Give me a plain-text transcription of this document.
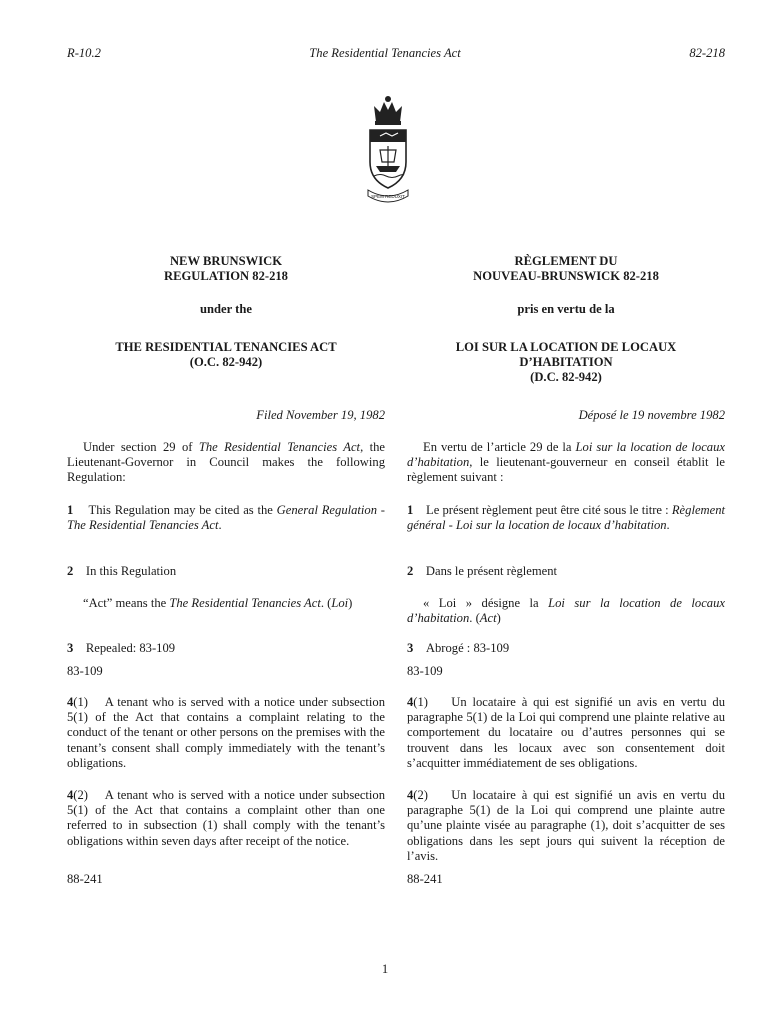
R-10.2	The Residential Tenancies Act	82-218
SPEM REDUXIT
NEW BRUNSWICK
REGULATION 82-218
under the
THE RESIDENTIAL TENANCIES ACT
(O.C. 82-942)
Filed November 19, 1982
Under section 29 of The Residential Tenancies Act, the Lieutenant-Governor in Council makes the following Regulation:
1 This Regulation may be cited as the General Regulation - The Residential Tenancies Act.
2 In this Regulation
“Act” means the The Residential Tenancies Act. (Loi)
3 Repealed: 83-109
83-109
4(1) A tenant who is served with a notice under subsection 5(1) of the Act that contains a complaint relating to the conduct of the tenant or other persons on the premises with the tenant’s consent shall comply immediately with the tenant’s obligations.
4(2) A tenant who is served with a notice under subsection 5(1) of the Act that contains a complaint other than one referred to in subsection (1) shall comply with the tenant’s obligations within seven days after receipt of the notice.
88-241
RÈGLEMENT DU
NOUVEAU-BRUNSWICK 82-218
pris en vertu de la
LOI SUR LA LOCATION DE LOCAUX
D’HABITATION
(D.C. 82-942)
Déposé le 19 novembre 1982
En vertu de l’article 29 de la Loi sur la location de locaux d’habitation, le lieutenant-gouverneur en conseil établit le règlement suivant :
1 Le présent règlement peut être cité sous le titre : Règlement général - Loi sur la location de locaux d’habitation.
2 Dans le présent règlement
« Loi » désigne la Loi sur la location de locaux d’habitation. (Act)
3 Abrogé : 83-109
83-109
4(1) Un locataire à qui est signifié un avis en vertu du paragraphe 5(1) de la Loi qui comprend une plainte relative au comportement du locataire ou d’autres personnes qui se trouvent dans les locaux avec son consentement doit s’acquitter immédiatement de ses obligations.
4(2) Un locataire à qui est signifié un avis en vertu du paragraphe 5(1) de la Loi qui comprend une plainte autre qu’une plainte visée au paragraphe (1), doit s’acquitter de ses obligations dans les sept jours qui suivent la réception de l’avis.
88-241
1
